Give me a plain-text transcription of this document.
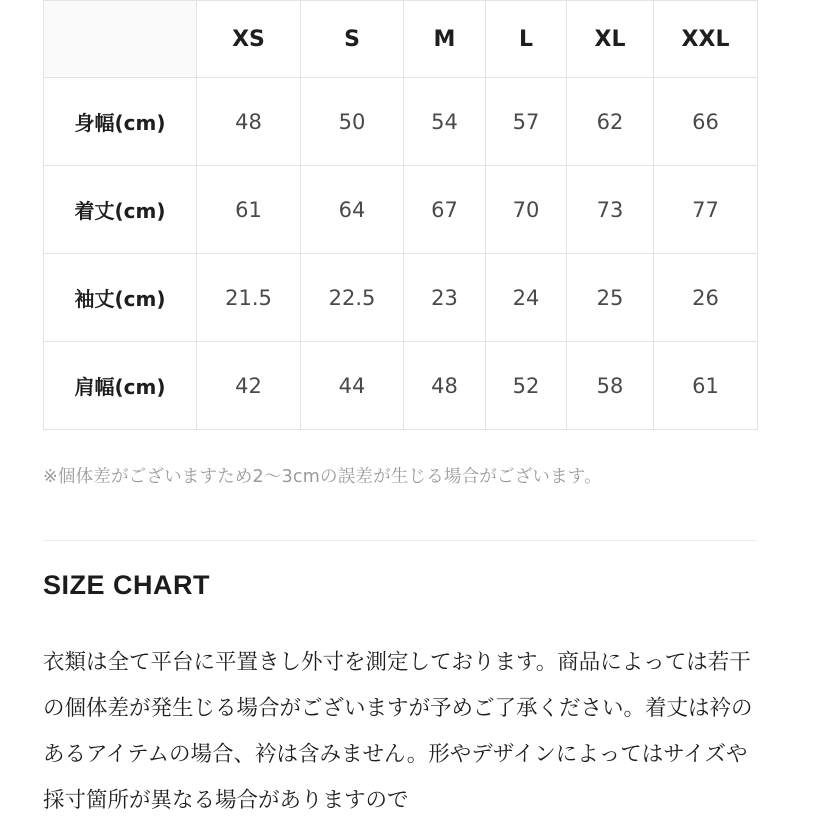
	XS	S	M	L	XL	XXL
身幅(cm)	48	50	54	57	62	66
着丈(cm)	61	64	67	70	73	77
袖丈(cm)	21.5	22.5	23	24	25	26
肩幅(cm)	42	44	48	52	58	61
※個体差がございますため2〜3cmの誤差が生じる場合がございます。
SIZE CHART
衣類は全て平台に平置きし外寸を測定しております。商品によっては若干の個体差が発生じる場合がございますが予めご了承ください。着丈は衿のあるアイテムの場合、衿は含みません。形やデザインによってはサイズや採寸箇所が異なる場合がありますので
